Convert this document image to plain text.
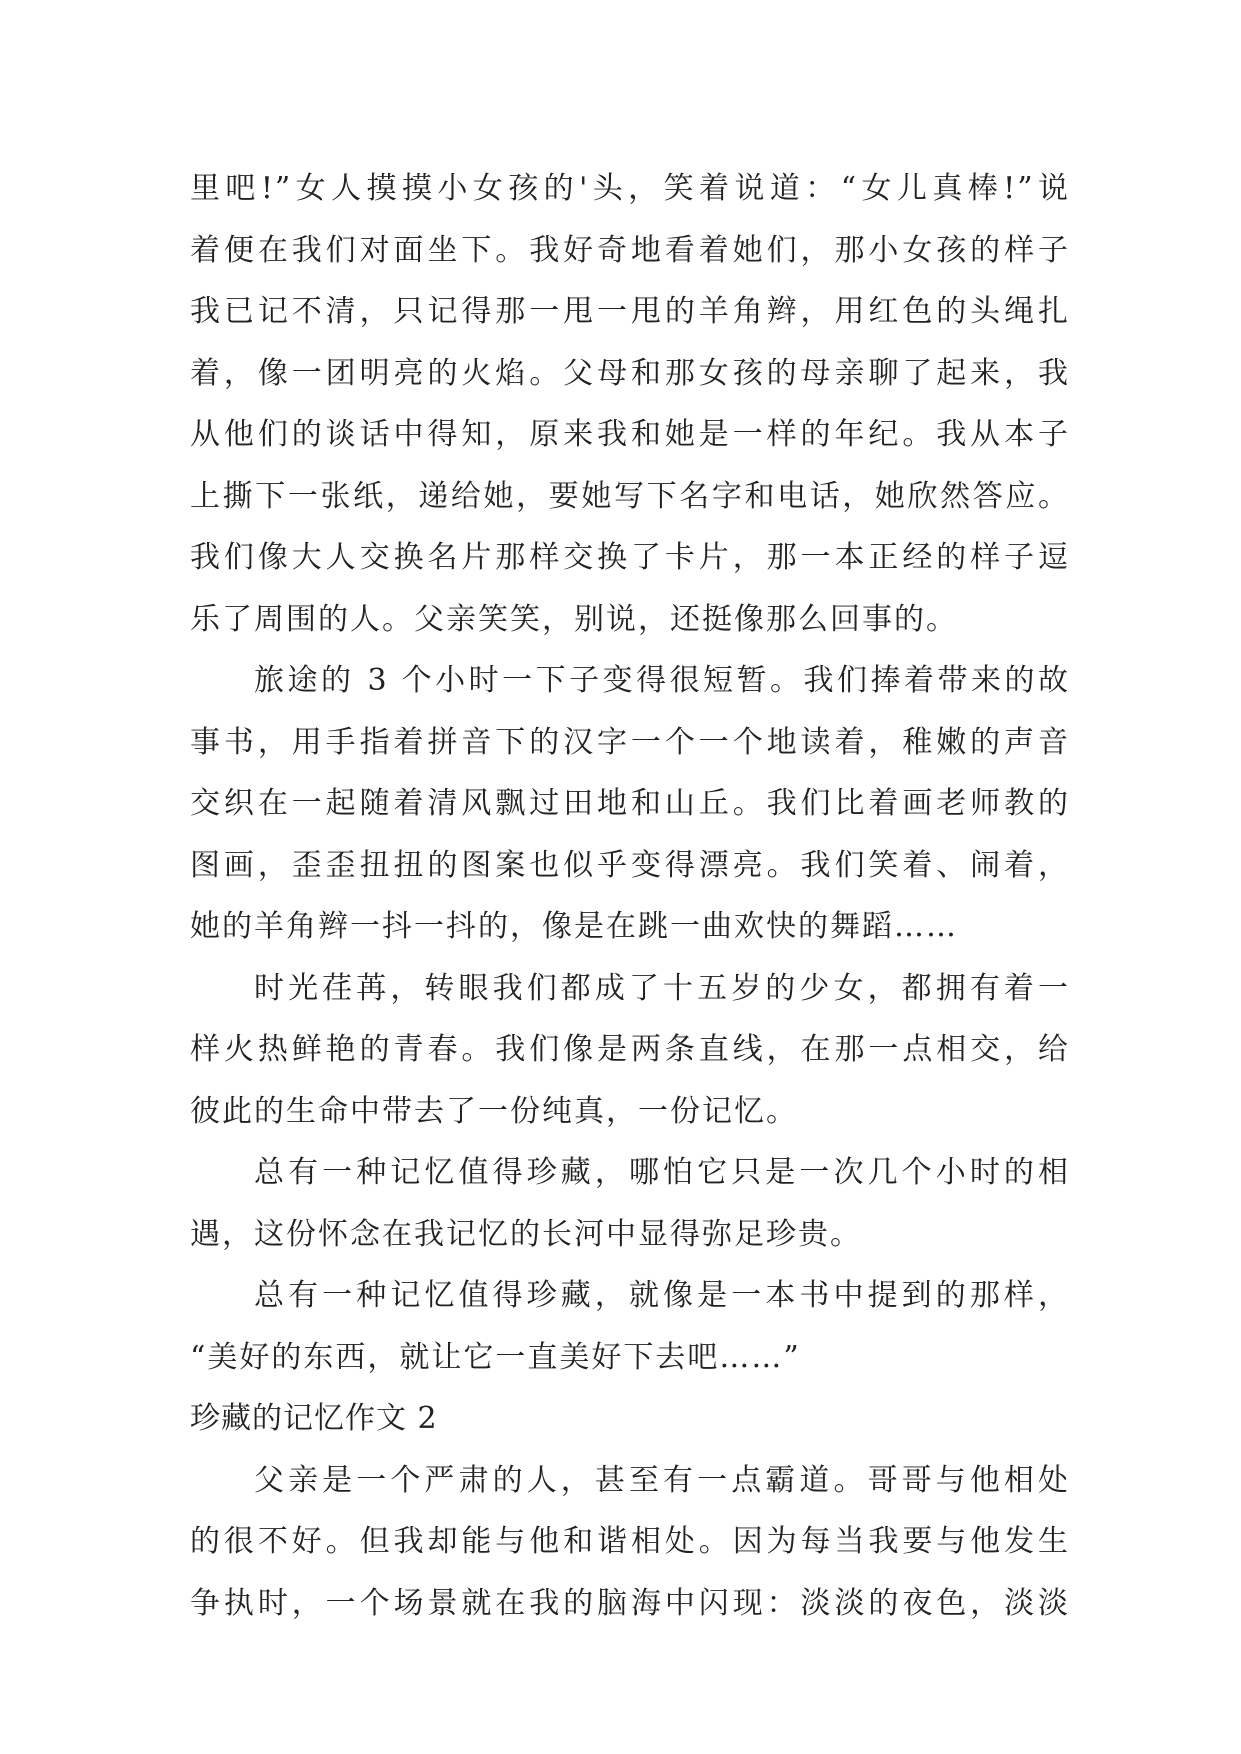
里吧!”女人摸摸小女孩的'头，笑着说道：“女儿真棒!”说
着便在我们对面坐下。我好奇地看着她们，那小女孩的样子
我已记不清，只记得那一甩一甩的羊角辫，用红色的头绳扎
着，像一团明亮的火焰。父母和那女孩的母亲聊了起来，我
从他们的谈话中得知，原来我和她是一样的年纪。我从本子
上撕下一张纸，递给她，要她写下名字和电话，她欣然答应。
我们像大人交换名片那样交换了卡片，那一本正经的样子逗
乐了周围的人。父亲笑笑，别说，还挺像那么回事的。
旅途的 3 个小时一下子变得很短暂。我们捧着带来的故
事书，用手指着拼音下的汉字一个一个地读着，稚嫩的声音
交织在一起随着清风飘过田地和山丘。我们比着画老师教的
图画，歪歪扭扭的图案也似乎变得漂亮。我们笑着、闹着，
她的羊角辫一抖一抖的，像是在跳一曲欢快的舞蹈……
时光荏苒，转眼我们都成了十五岁的少女，都拥有着一
样火热鲜艳的青春。我们像是两条直线，在那一点相交，给
彼此的生命中带去了一份纯真，一份记忆。
总有一种记忆值得珍藏，哪怕它只是一次几个小时的相
遇，这份怀念在我记忆的长河中显得弥足珍贵。
总有一种记忆值得珍藏，就像是一本书中提到的那样，
“美好的东西，就让它一直美好下去吧……”
珍藏的记忆作文 2
父亲是一个严肃的人，甚至有一点霸道。哥哥与他相处
的很不好。但我却能与他和谐相处。因为每当我要与他发生
争执时，一个场景就在我的脑海中闪现：淡淡的夜色，淡淡
